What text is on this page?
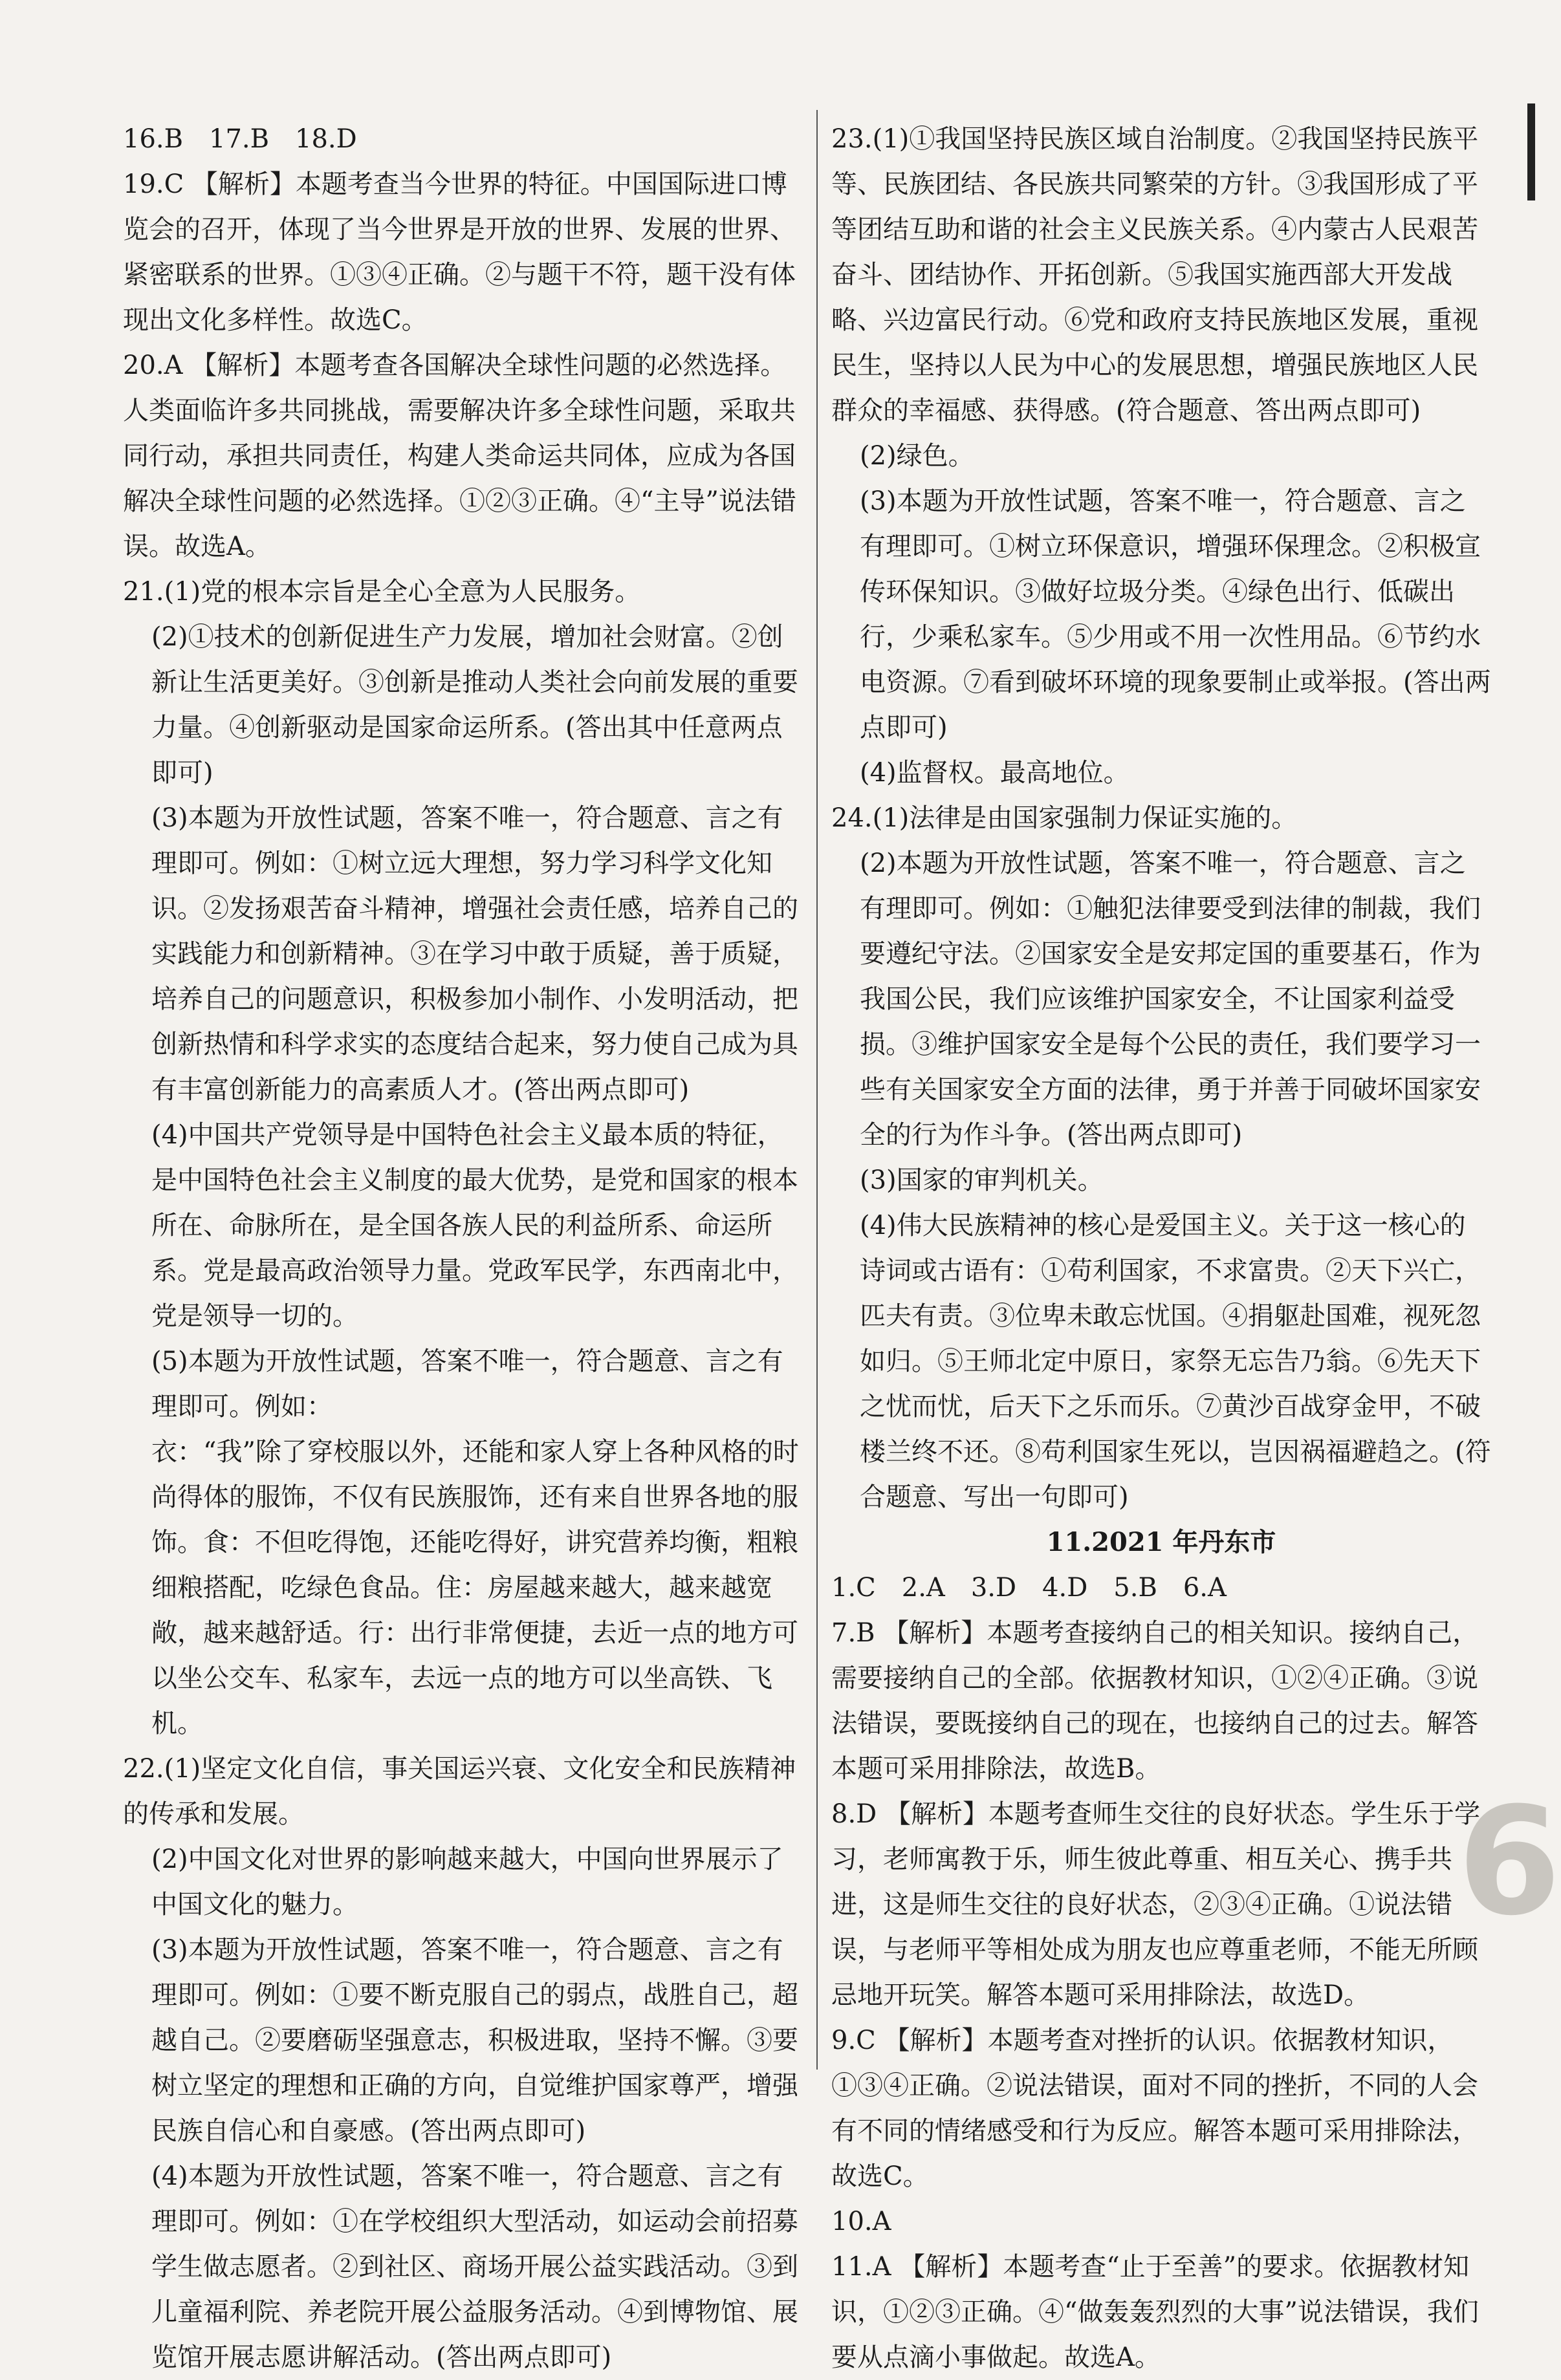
16.B　17.B　18.D

19.C 【解析】本题考查当今世界的特征。中国国际进口博览会的召开，体现了当今世界是开放的世界、发展的世界、紧密联系的世界。①③④正确。②与题干不符，题干没有体现出文化多样性。故选C。

20.A 【解析】本题考查各国解决全球性问题的必然选择。人类面临许多共同挑战，需要解决许多全球性问题，采取共同行动，承担共同责任，构建人类命运共同体，应成为各国解决全球性问题的必然选择。①②③正确。④“主导”说法错误。故选A。

21.(1)党的根本宗旨是全心全意为人民服务。

(2)①技术的创新促进生产力发展，增加社会财富。②创新让生活更美好。③创新是推动人类社会向前发展的重要力量。④创新驱动是国家命运所系。(答出其中任意两点即可)

(3)本题为开放性试题，答案不唯一，符合题意、言之有理即可。例如：①树立远大理想，努力学习科学文化知识。②发扬艰苦奋斗精神，增强社会责任感，培养自己的实践能力和创新精神。③在学习中敢于质疑，善于质疑，培养自己的问题意识，积极参加小制作、小发明活动，把创新热情和科学求实的态度结合起来，努力使自己成为具有丰富创新能力的高素质人才。(答出两点即可)

(4)中国共产党领导是中国特色社会主义最本质的特征，是中国特色社会主义制度的最大优势，是党和国家的根本所在、命脉所在，是全国各族人民的利益所系、命运所系。党是最高政治领导力量。党政军民学，东西南北中，党是领导一切的。

(5)本题为开放性试题，答案不唯一，符合题意、言之有理即可。例如：

衣：“我”除了穿校服以外，还能和家人穿上各种风格的时尚得体的服饰，不仅有民族服饰，还有来自世界各地的服饰。食：不但吃得饱，还能吃得好，讲究营养均衡，粗粮细粮搭配，吃绿色食品。住：房屋越来越大，越来越宽敞，越来越舒适。行：出行非常便捷，去近一点的地方可以坐公交车、私家车，去远一点的地方可以坐高铁、飞机。

22.(1)坚定文化自信，事关国运兴衰、文化安全和民族精神的传承和发展。

(2)中国文化对世界的影响越来越大，中国向世界展示了中国文化的魅力。

(3)本题为开放性试题，答案不唯一，符合题意、言之有理即可。例如：①要不断克服自己的弱点，战胜自己，超越自己。②要磨砺坚强意志，积极进取，坚持不懈。③要树立坚定的理想和正确的方向，自觉维护国家尊严，增强民族自信心和自豪感。(答出两点即可)

(4)本题为开放性试题，答案不唯一，符合题意、言之有理即可。例如：①在学校组织大型活动，如运动会前招募学生做志愿者。②到社区、商场开展公益实践活动。③到儿童福利院、养老院开展公益服务活动。④到博物馆、展览馆开展志愿讲解活动。(答出两点即可)

23.(1)①我国坚持民族区域自治制度。②我国坚持民族平等、民族团结、各民族共同繁荣的方针。③我国形成了平等团结互助和谐的社会主义民族关系。④内蒙古人民艰苦奋斗、团结协作、开拓创新。⑤我国实施西部大开发战略、兴边富民行动。⑥党和政府支持民族地区发展，重视民生，坚持以人民为中心的发展思想，增强民族地区人民群众的幸福感、获得感。(符合题意、答出两点即可)

(2)绿色。

(3)本题为开放性试题，答案不唯一，符合题意、言之有理即可。①树立环保意识，增强环保理念。②积极宣传环保知识。③做好垃圾分类。④绿色出行、低碳出行，少乘私家车。⑤少用或不用一次性用品。⑥节约水电资源。⑦看到破坏环境的现象要制止或举报。(答出两点即可)

(4)监督权。最高地位。

24.(1)法律是由国家强制力保证实施的。

(2)本题为开放性试题，答案不唯一，符合题意、言之有理即可。例如：①触犯法律要受到法律的制裁，我们要遵纪守法。②国家安全是安邦定国的重要基石，作为我国公民，我们应该维护国家安全，不让国家利益受损。③维护国家安全是每个公民的责任，我们要学习一些有关国家安全方面的法律，勇于并善于同破坏国家安全的行为作斗争。(答出两点即可)

(3)国家的审判机关。

(4)伟大民族精神的核心是爱国主义。关于这一核心的诗词或古语有：①苟利国家，不求富贵。②天下兴亡，匹夫有责。③位卑未敢忘忧国。④捐躯赴国难，视死忽如归。⑤王师北定中原日，家祭无忘告乃翁。⑥先天下之忧而忧，后天下之乐而乐。⑦黄沙百战穿金甲，不破楼兰终不还。⑧苟利国家生死以，岂因祸福避趋之。(符合题意、写出一句即可)

11.2021 年丹东市

1.C　2.A　3.D　4.D　5.B　6.A

7.B 【解析】本题考查接纳自己的相关知识。接纳自己，需要接纳自己的全部。依据教材知识，①②④正确。③说法错误，要既接纳自己的现在，也接纳自己的过去。解答本题可采用排除法，故选B。

8.D 【解析】本题考查师生交往的良好状态。学生乐于学习，老师寓教于乐，师生彼此尊重、相互关心、携手共进，这是师生交往的良好状态，②③④正确。①说法错误，与老师平等相处成为朋友也应尊重老师，不能无所顾忌地开玩笑。解答本题可采用排除法，故选D。

9.C 【解析】本题考查对挫折的认识。依据教材知识，①③④正确。②说法错误，面对不同的挫折，不同的人会有不同的情绪感受和行为反应。解答本题可采用排除法，故选C。

10.A

11.A 【解析】本题考查“止于至善”的要求。依据教材知识，①②③正确。④“做轰轰烈烈的大事”说法错误，我们要从点滴小事做起。故选A。

6
